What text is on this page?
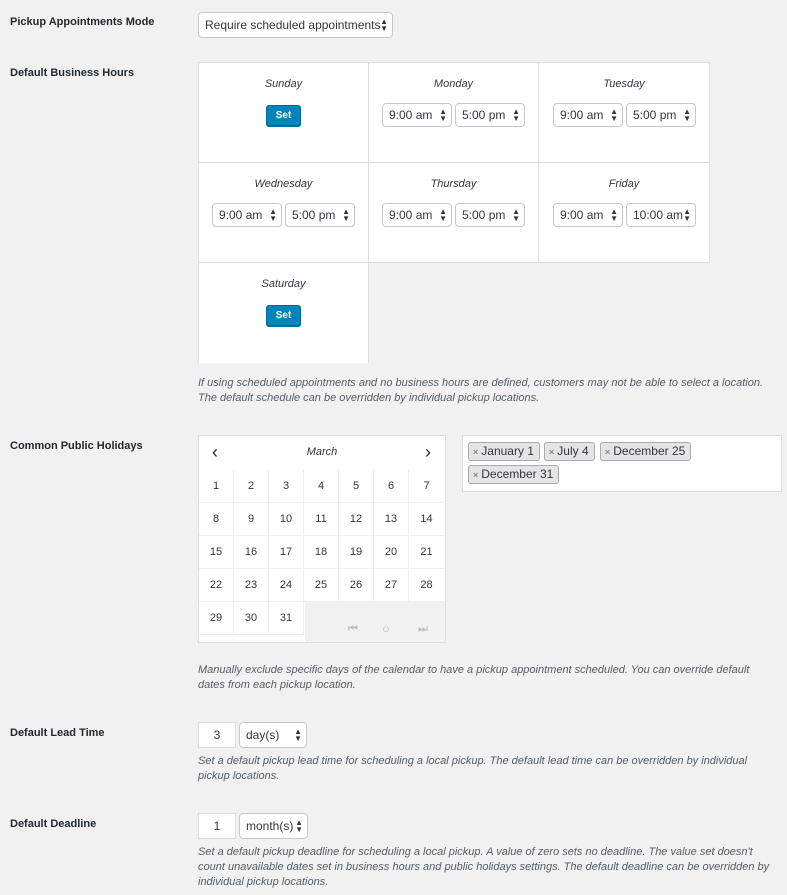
Pickup Appointments Mode	Require scheduled appointments ▲
▼
Default Business Hours
Sunday
Set
Monday
9:00 am ▲
▼	5:00 pm ▲
▼
Tuesday
9:00 am ▲
▼	5:00 pm ▲
▼
Wednesday
9:00 am ▲
▼	5:00 pm ▲
▼
Thursday
9:00 am ▲
▼	5:00 pm ▲
▼
Friday
9:00 am ▲
▼	10:00 am ▲
▼
Saturday
Set
If using scheduled appointments and no business hours are defined, customers may not be able to select a location. The default schedule can be overridden by individual pickup locations.
Common Public Holidays	‹	March	›
1	2	3	4	5	6	7
8	9	10	11	12	13	14
15	16	17	18	19	20	21
22	23	24	25	26	27	28
29	30	31
⏮ ○	⏭
× January 1	× July 4	× December 25
× December 31
Manually exclude specific days of the calendar to have a pickup appointment scheduled. You can override default dates from each pickup location.
Default Lead Time	3	day(s) ▲
▼
Set a default pickup lead time for scheduling a local pickup. The default lead time can be overridden by individual pickup locations.
Default Deadline	1	month(s) ▲
▼
Set a default pickup deadline for scheduling a local pickup. A value of zero sets no deadline. The value set doesn't count unavailable dates set in business hours and public holidays settings. The default deadline can be overridden by individual pickup locations.
